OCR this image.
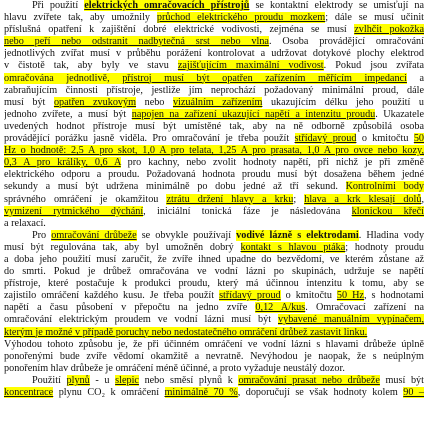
Při použití elektrických omračovacích přístrojů se kontaktní elektrody se umisťují na
hlavu zvířete tak, aby umožnily průchod elektrického proudu mozkem; dále se musí učinit
příslušná opatření k zajištění dobré elektrické vodivosti, zejména se musí zvlhčit pokožka
nebo peří nebo odstranit nadbytečná srst nebo vlna. Osoba provádějící omračování
jednotlivých zvířat musí v průběhu porážení kontrolovat a udržovat dotykové plochy elektrod
v čistotě tak, aby byly ve stavu zajišťujícím maximální vodivost. Pokud jsou zvířata
omračována jednotlivě, přístroj musí být opatřen zařízením měřícím impedanci a
zabraňujícím činnosti přístroje, jestliže jím neprochází požadovaný minimální proud, dále
musí být opatřen zvukovým nebo vizuálním zařízením ukazujícím délku jeho použití u
jednoho zvířete, a musí být napojen na zařízení ukazující napětí a intenzitu proudu. Ukazatele
uvedených hodnot přístroje musí být umístěné tak, aby na ně odborně způsobilá osoba
provádějící porážku jasně viděla. Pro omračování je třeba použít střídavý proud o kmitočtu 50
Hz o hodnotě: 2,5 A pro skot, 1,0 A pro telata, 1,25 A pro prasata, 1,0 A pro ovce nebo kozy,
0,3 A pro králíky, 0,6 A pro kachny, nebo zvolit hodnoty napětí, při nichž je při změně
elektrického odporu a proudu. Požadovaná hodnota proudu musí být dosažena během jedné
sekundy a musí být udržena minimálně po dobu jedné až tří sekund. Kontrolními body
správného omráčení je okamžitou ztrátu držení hlavy a krku; hlava a krk klesají dolů,
vymizení rytmického dýchání, iniciální tonická fáze je následována klonickou křečí
a relaxací.
Pro omračování drůbeže se obvykle používají vodivé lázně s elektrodami. Hladina vody
musí být regulována tak, aby byl umožněn dobrý kontakt s hlavou ptáka; hodnoty proudu
a doba jeho použití musí zaručit, že zvíře ihned upadne do bezvědomí, ve kterém zůstane až
do smrti. Pokud je drůbež omračována ve vodní lázni po skupinách, udržuje se napětí
přístroje, které postačuje k produkci proudu, který má účinnou intenzitu k tomu, aby se
zajistilo omráčení každého kusu. Je třeba použít střídavý proud o kmitočtu 50 Hz, s hodnotami
napětí a času působení v přepočtu na jedno zvíře 0,12 A/kus. Omračovací zařízení na
omračování elektrickým proudem ve vodní lázni musí být vybavené manuálním vypínačem,
kterým je možné v případě poruchy nebo nedostatečného omráčení drůbež zastavit linku.
Výhodou tohoto způsobu je, že při účinném omráčení ve vodní lázni s hlavami drůbeže úplně
ponořenými bude zvíře vědomí okamžitě a nevratně. Nevýhodou je naopak, že s neúplným
ponořením hlav drůbeže je omráčení méně účinné, a proto vyžaduje neustálý dozor.
Použití plynů - u slepic nebo směsí plynů k omračování prasat nebo drůbeže musí být
koncentrace plynu CO₂ k omráčení minimálně 70 %, doporučují se však hodnoty kolem 90 –
